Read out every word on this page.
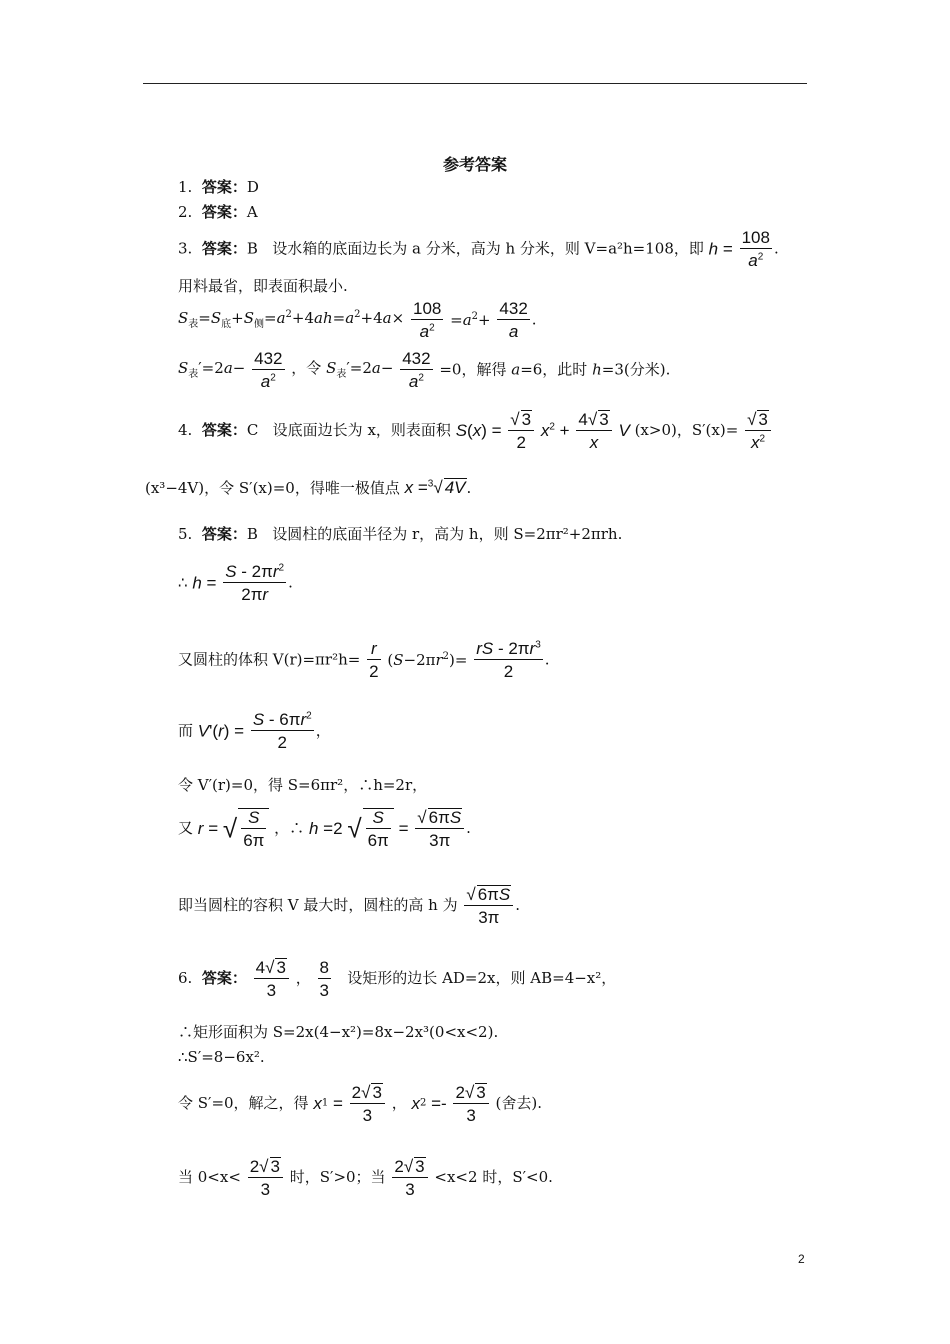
参考答案
1. 答案：D
2. 答案：A
3. 答案：B 设水箱的底面边长为 a 分米，高为 h 分米，则 V=a²h=108，即 $h = \frac{108}{a^2}$ .
用料最省，即表面积最小.
$S_表=S_底+S_侧=a^2+4ah=a^2+4a\times \frac{108}{a^2} =a^2+ \frac{432}{a}$ .
$S_表'=2a- \frac{432}{a^2}$ ，令 $S_表'=2a- \frac{432}{a^2} =0$，解得 a=6，此时 h=3(分米).
4. 答案：C 设底面边长为 x，则表面积 $S(x) = \frac{√ 3}{2} x^2 + \frac{4√ 3}{x}$ V (x>0)，$S'(x)= \frac{√ 3}{x^2}$
(x³−4V)，令 S′(x)=0，得唯一极值点 x =$^3$√ 4V.
5. 答案：B 设圆柱的底面半径为 r，高为 h，则 S=2πr²+2πrh.
∴ $h = \frac{S - 2\pi r^2}{2\pi r}$ .
又圆柱的体积 $V(r)=\pi r^2h= \frac{r}{2} (S-2\pi r^2)= \frac{rS - 2\pi r^3}{2}$ .
而 $V'(r) = \frac{S - 6\pi r^2}{2}$ ，
令 V′(r)=0，得 S=6πr²，∴h=2r，
又 r = √ $\frac{S}{6\pi}$ ，∴ h =2 √ $\frac{S}{6\pi} = \frac{√ 6\pi S}{3\pi}$ .
即当圆柱的容积 V 最大时，圆柱的高 h 为 $\frac{√ 6\pi S}{3\pi}$ .
6. 答案： $\frac{4√ 3}{3}$ ， $\frac{8}{3}$ 设矩形的边长 AD=2x，则 AB=4−x²，
∴矩形面积为 S=2x(4−x²)=8x−2x³(0<x<2).
∴S′=8−6x².
令 S′=0，解之，得 $x1 = \frac{2√ 3}{3}$ ， $x2 =- \frac{2√ 3}{3}$ (舍去).
当 $0<x< \frac{2√ 3}{3}$ 时，S′>0；当 $\frac{2√ 3}{3} <x<2$ 时，S′<0.
2
